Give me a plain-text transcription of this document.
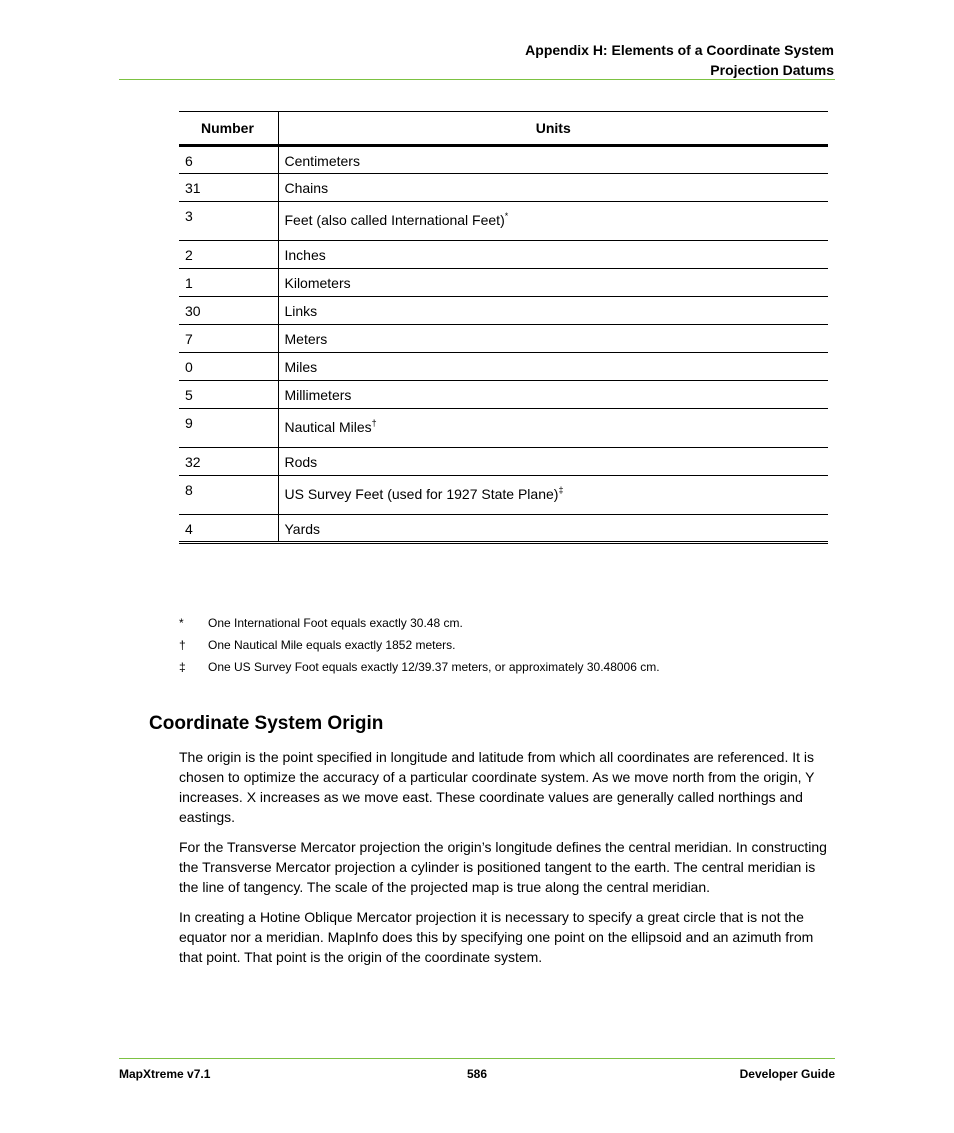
Appendix H: Elements of a Coordinate System
Projection Datums
Number	Units
6	Centimeters
31	Chains
3	Feet (also called International Feet)*
2	Inches
1	Kilometers
30	Links
7	Meters
0	Miles
5	Millimeters
9	Nautical Miles†
32	Rods
8	US Survey Feet (used for 1927 State Plane)‡
4	Yards
*	One International Foot equals exactly 30.48 cm.
†	One Nautical Mile equals exactly 1852 meters.
‡	One US Survey Foot equals exactly 12/39.37 meters, or approximately 30.48006 cm.
Coordinate System Origin

The origin is the point specified in longitude and latitude from which all coordinates are referenced. It is chosen to optimize the accuracy of a particular coordinate system. As we move north from the origin, Y increases. X increases as we move east. These coordinate values are generally called northings and eastings.

For the Transverse Mercator projection the origin’s longitude defines the central meridian. In constructing the Transverse Mercator projection a cylinder is positioned tangent to the earth. The central meridian is the line of tangency. The scale of the projected map is true along the central meridian.

In creating a Hotine Oblique Mercator projection it is necessary to specify a great circle that is not the equator nor a meridian. MapInfo does this by specifying one point on the ellipsoid and an azimuth from that point. That point is the origin of the coordinate system.

MapXtreme v7.1	586	Developer Guide
